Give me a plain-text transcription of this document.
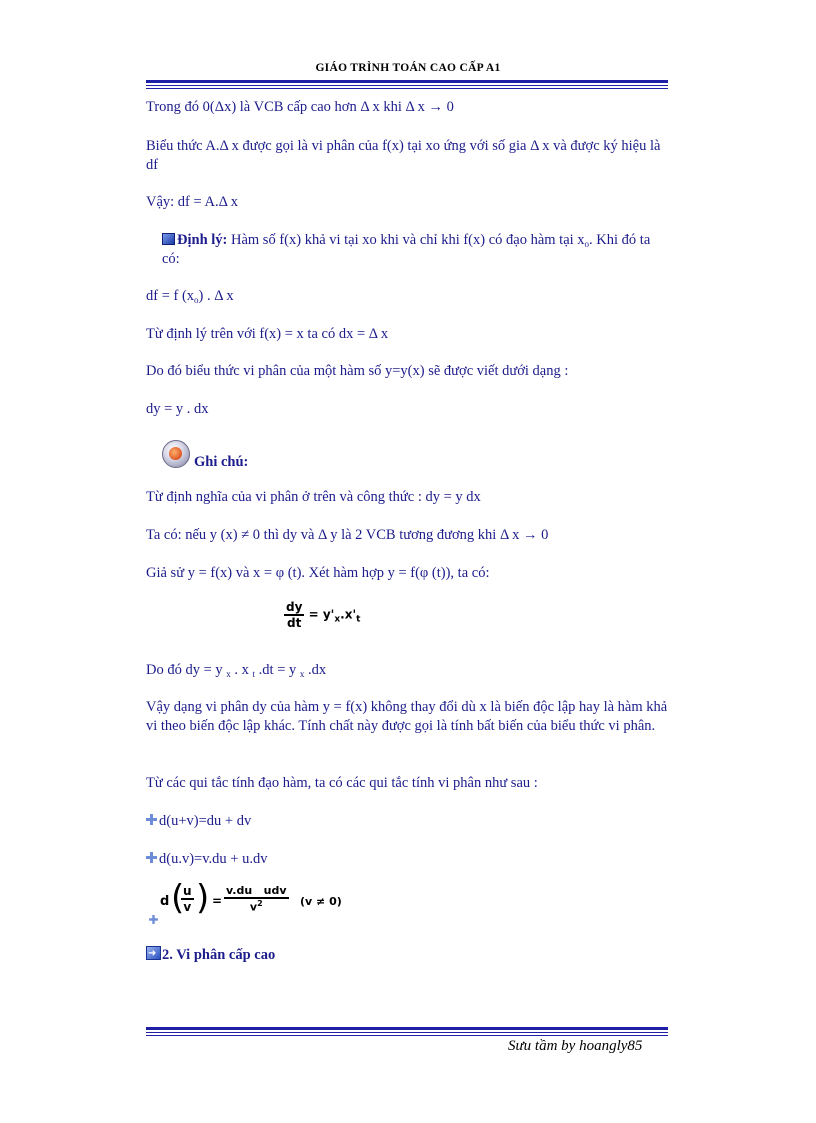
GIÁO TRÌNH TOÁN CAO CẤP A1
Trong đó 0(Δx) là VCB cấp cao hơn Δ x khi Δ x → 0
Biểu thức A.Δ x được gọi là vi phân của f(x) tại xo ứng với số gia Δ x và được ký hiệu là df
Vậy: df = A.Δ x
Định lý: Hàm số f(x) khả vi tại xo khi và chỉ khi f(x) có đạo hàm tại $x_o$. Khi đó ta có:
df = f $(x_o)$ . Δ x
Từ định lý trên với f(x) = x ta có dx = Δ x
Do đó biểu thức vi phân của một hàm số y=y(x) sẽ được viết dưới dạng :
dy = y . dx
Ghi chú:
Từ định nghĩa của vi phân ở trên và công thức : dy = y dx
Ta có: nếu y (x) ≠ 0 thì dy và Δ y là 2 VCB tương đương khi Δ x → 0
Giả sử y = f(x) và x = φ (t). Xét hàm hợp y = f(φ (t)), ta có:
$\frac{dy}{dt} = y'_x.x'_t$
Do đó dy = y $_x$ . x $_t$ .dt = y $_x$ .dx
Vậy dạng vi phân dy của hàm y = f(x) không thay đổi dù x là biến độc lập hay là hàm khả vi theo biến độc lập khác. Tính chất này được gọi là tính bất biến của biểu thức vi phân.
Từ các qui tắc tính đạo hàm, ta có các qui tắc tính vi phân như sau :
d(u+v)=du + dv
d(u.v)=v.du + u.dv
d (
$\frac{u}{v}$ ) =
v.du   udv
$v^2$	(v ≠ 0)
➜2. Vi phân cấp cao
Sưu tầm by hoangly85
